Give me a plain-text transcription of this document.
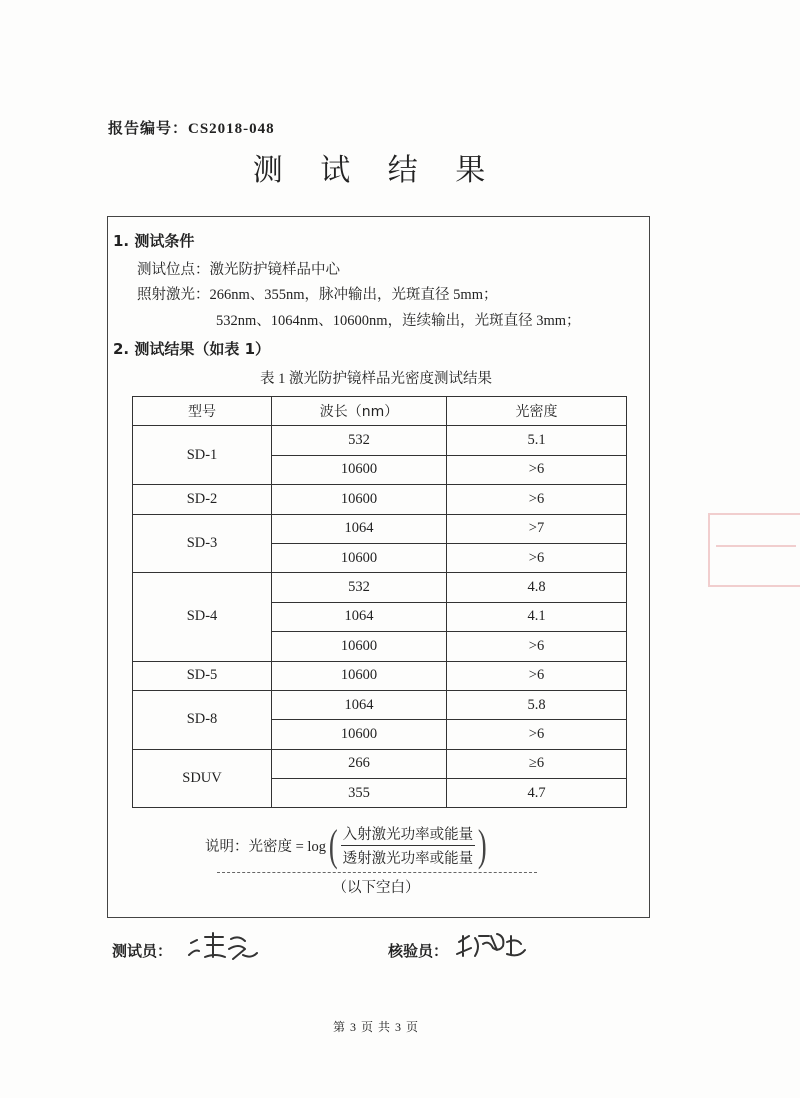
报告编号：CS2018-048
测 试 结 果
1. 测试条件
测试位点：激光防护镜样品中心
照射激光：266nm、355nm，脉冲输出，光斑直径 5mm；
532nm、1064nm、10600nm，连续输出，光斑直径 3mm；
2. 测试结果（如表 1）
表 1 激光防护镜样品光密度测试结果
型号	波长（nm）	光密度
SD-1	532	5.1
	10600	>6
SD-2	10600	>6
SD-3	1064	>7
	10600	>6
SD-4	532	4.8
	1064	4.1
	10600	>6
SD-5	10600	>6
SD-8	1064	5.8
	10600	>6
SDUV	266	≥6
	355	4.7
说明：光密度 = log ( $\frac{\text{入射激光功率或能量}}{\text{透射激光功率或能量}}$ )
（以下空白）
测试员：	核验员：
第 3 页 共 3 页
